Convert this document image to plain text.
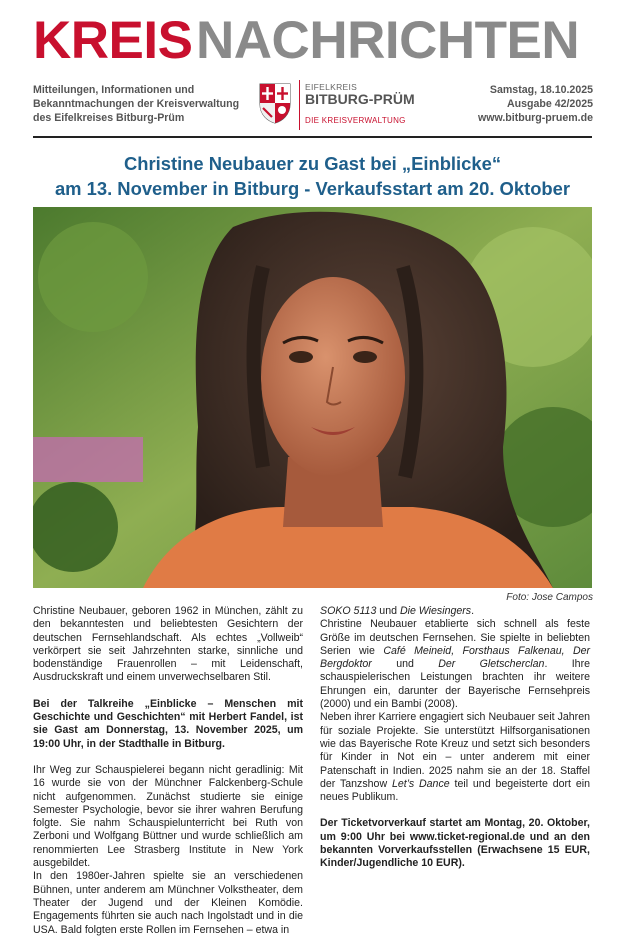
KREIS NACHRICHTEN
Mitteilungen, Informationen und Bekanntmachungen der Kreisverwaltung des Eifelkreises Bitburg-Prüm
EIFELKREIS
BITBURG-PRÜM
DIE KREISVERWALTUNG
Samstag, 18.10.2025
Ausgabe 42/2025
www.bitburg-pruem.de
Christine Neubauer zu Gast bei „Einblicke“
am 13. November in Bitburg - Verkaufsstart am 20. Oktober
Foto: Jose Campos

Christine Neubauer, geboren 1962 in München, zählt zu den bekanntesten und beliebtesten Gesichtern der deutschen Fernsehlandschaft. Als echtes „Vollweib“ verkörpert sie seit Jahrzehnten starke, sinnliche und bodenständige Frauenrollen – mit Leidenschaft, Ausdruckskraft und einem unverwechselbaren Stil.

Bei der Talkreihe „Einblicke – Menschen mit Geschichte und Geschichten“ mit Herbert Fandel, ist sie Gast am Donnerstag, 13. November 2025, um 19:00 Uhr, in der Stadthalle in Bitburg.

Ihr Weg zur Schauspielerei begann nicht geradlinig: Mit 16 wurde sie von der Münchner Falckenberg-Schule nicht aufgenommen. Zunächst studierte sie einige Semester Psychologie, bevor sie ihrer wahren Berufung folgte. Sie nahm Schauspielunterricht bei Ruth von Zerboni und Wolfgang Büttner und wurde schließlich am renommierten Lee Strasberg Institute in New York ausgebildet.

In den 1980er-Jahren spielte sie an verschiedenen Bühnen, unter anderem am Münchner Volkstheater, dem Theater der Jugend und der Kleinen Komödie. Engagements führten sie auch nach Ingolstadt und in die USA. Bald folgten erste Rollen im Fernsehen – etwa in

SOKO 5113 und Die Wiesingers.

Christine Neubauer etablierte sich schnell als feste Größe im deutschen Fernsehen. Sie spielte in beliebten Serien wie Café Meineid, Forsthaus Falkenau, Der Bergdoktor und Der Gletscherclan. Ihre schauspielerischen Leistungen brachten ihr weitere Ehrungen ein, darunter der Bayerische Fernsehpreis (2000) und ein Bambi (2008).

Neben ihrer Karriere engagiert sich Neubauer seit Jahren für soziale Projekte. Sie unterstützt Hilfsorganisationen wie das Bayerische Rote Kreuz und setzt sich besonders für Kinder in Not ein – unter anderem mit einer Patenschaft in Indien. 2025 nahm sie an der 18. Staffel der Tanzshow Let’s Dance teil und begeisterte dort ein neues Publikum.

Der Ticketvorverkauf startet am Montag, 20. Oktober, um 9:00 Uhr bei www.ticket-regional.de und an den bekannten Vorverkaufsstellen (Erwachsene 15 EUR, Kinder/Jugendliche 10 EUR).
